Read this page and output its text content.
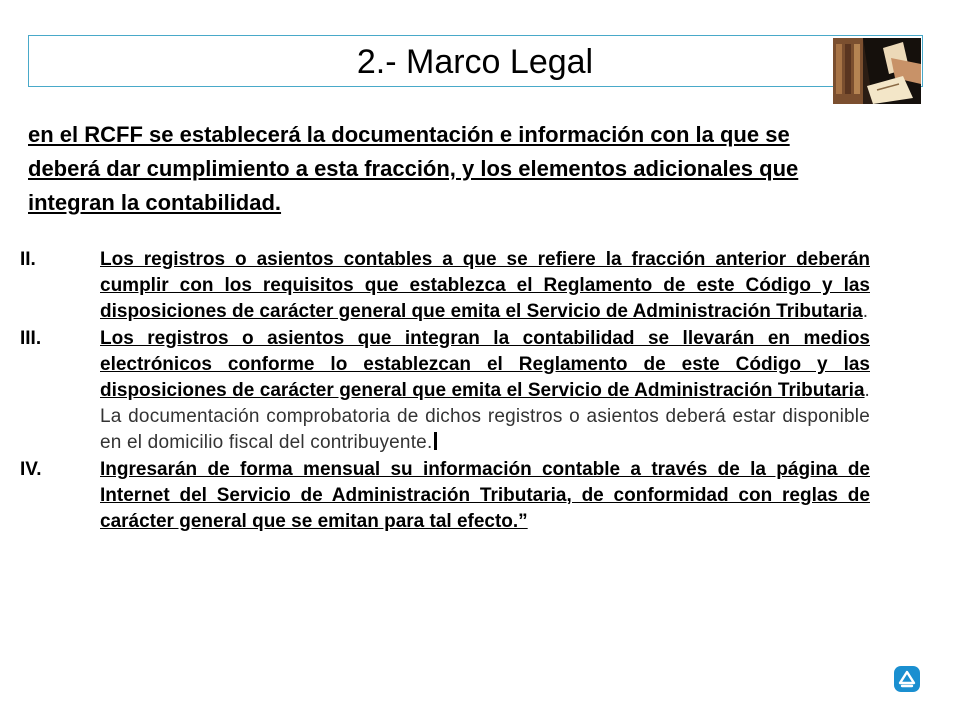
2.- Marco Legal

en el RCFF se establecerá la documentación e información con la que se deberá dar cumplimiento a esta fracción, y los elementos adicionales que integran la contabilidad.

II.	Los registros o asientos contables a que se refiere la fracción anterior deberán cumplir con los requisitos que establezca el Reglamento de este Código y las disposiciones de carácter general que emita el Servicio de Administración Tributaria.
III.	Los registros o asientos que integran la contabilidad se llevarán en medios electrónicos conforme lo establezcan el Reglamento de este Código y las disposiciones de carácter general que emita el Servicio de Administración Tributaria. La documentación comprobatoria de dichos registros o asientos deberá estar disponible en el domicilio fiscal del contribuyente.
IV.	Ingresarán de forma mensual su información contable a través de la página de Internet del Servicio de Administración Tributaria, de conformidad con reglas de carácter general que se emitan para tal efecto.”
